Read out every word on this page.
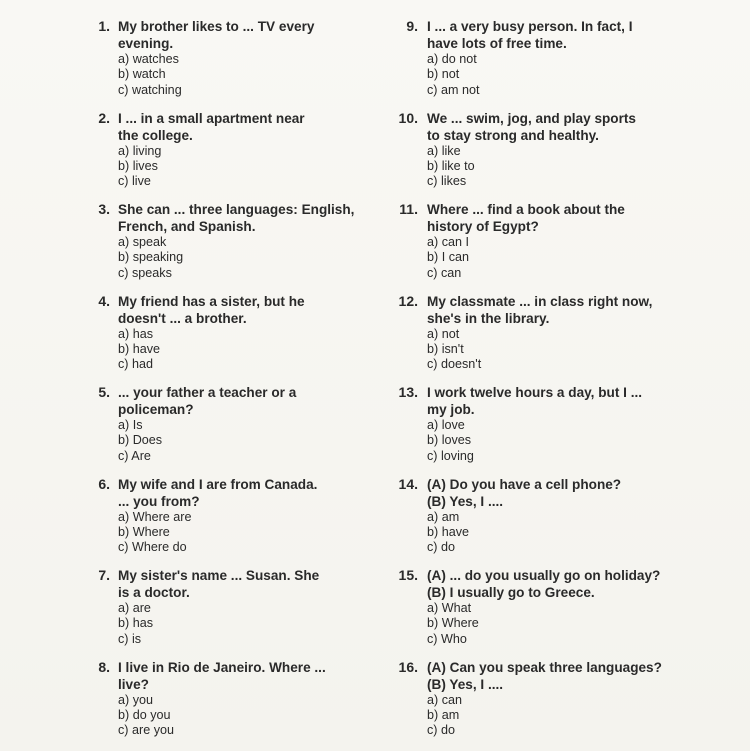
1. My brother likes to ... TV every
evening.
a) watches
b) watch
c) watching
2. I ... in a small apartment near
the college.
a) living
b) lives
c) live
3. She can ... three languages: English,
French, and Spanish.
a) speak
b) speaking
c) speaks
4. My friend has a sister, but he
doesn't ... a brother.
a) has
b) have
c) had
5. ... your father a teacher or a
policeman?
a) Is
b) Does
c) Are
6. My wife and I are from Canada.
... you from?
a) Where are
b) Where
c) Where do
7. My sister's name ... Susan. She
is a doctor.
a) are
b) has
c) is
8. I live in Rio de Janeiro. Where ...
live?
a) you
b) do you
c) are you
9. I ... a very busy person. In fact, I
have lots of free time.
a) do not
b) not
c) am not
10. We ... swim, jog, and play sports
to stay strong and healthy.
a) like
b) like to
c) likes
11. Where ... find a book about the
history of Egypt?
a) can I
b) I can
c) can
12. My classmate ... in class right now,
she's in the library.
a) not
b) isn't
c) doesn't
13. I work twelve hours a day, but I ...
my job.
a) love
b) loves
c) loving
14. (A) Do you have a cell phone?
(B) Yes, I ....
a) am
b) have
c) do
15. (A) ... do you usually go on holiday?
(B) I usually go to Greece.
a) What
b) Where
c) Who
16. (A) Can you speak three languages?
(B) Yes, I ....
a) can
b) am
c) do
